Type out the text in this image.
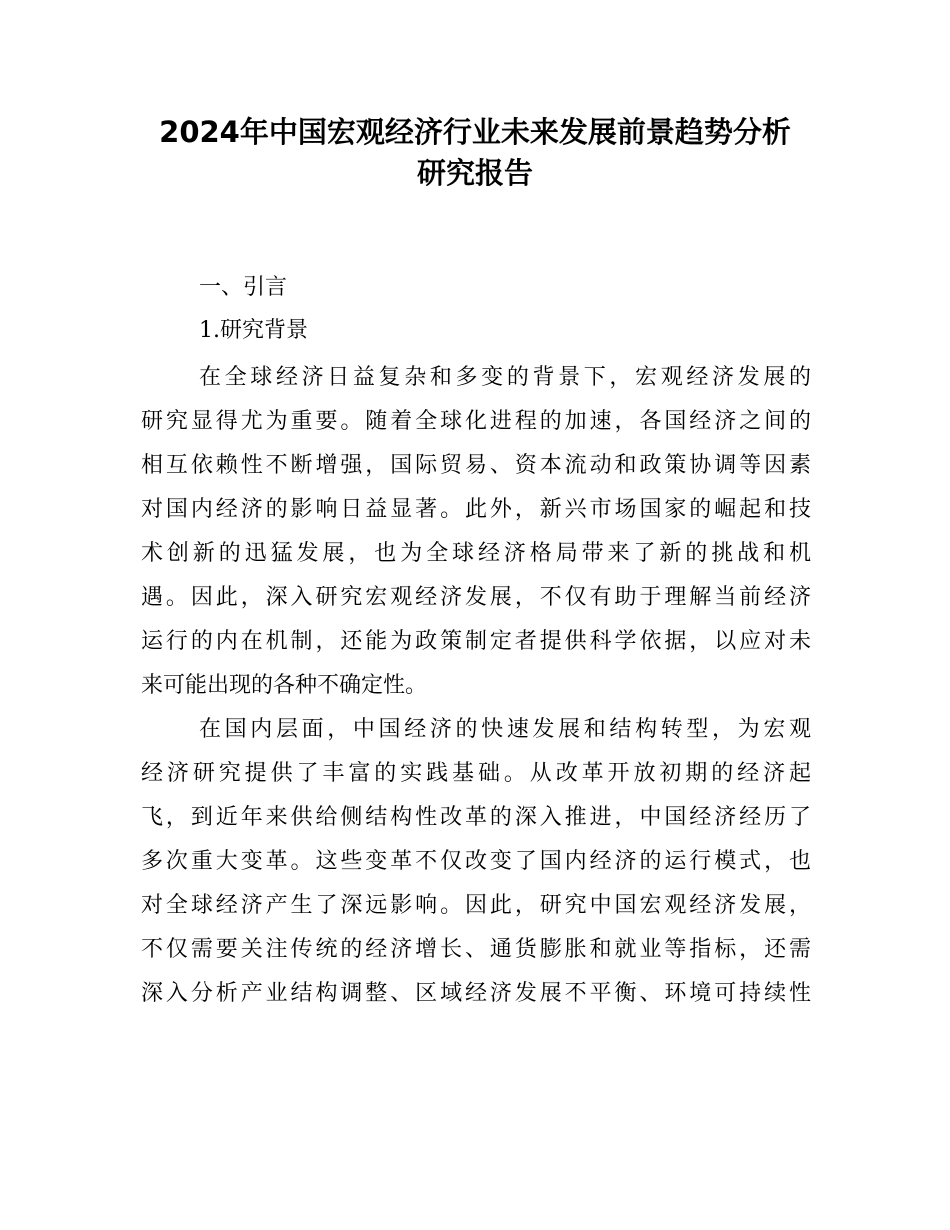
2024年中国宏观经济行业未来发展前景趋势分析
研究报告
一、引言
1.研究背景
在全球经济日益复杂和多变的背景下，宏观经济发展的
研究显得尤为重要。随着全球化进程的加速，各国经济之间的
相互依赖性不断增强，国际贸易、资本流动和政策协调等因素
对国内经济的影响日益显著。此外，新兴市场国家的崛起和技
术创新的迅猛发展，也为全球经济格局带来了新的挑战和机
遇。因此，深入研究宏观经济发展，不仅有助于理解当前经济
运行的内在机制，还能为政策制定者提供科学依据，以应对未
来可能出现的各种不确定性。
在国内层面，中国经济的快速发展和结构转型，为宏观
经济研究提供了丰富的实践基础。从改革开放初期的经济起
飞，到近年来供给侧结构性改革的深入推进，中国经济经历了
多次重大变革。这些变革不仅改变了国内经济的运行模式，也
对全球经济产生了深远影响。因此，研究中国宏观经济发展，
不仅需要关注传统的经济增长、通货膨胀和就业等指标，还需
深入分析产业结构调整、区域经济发展不平衡、环境可持续性
